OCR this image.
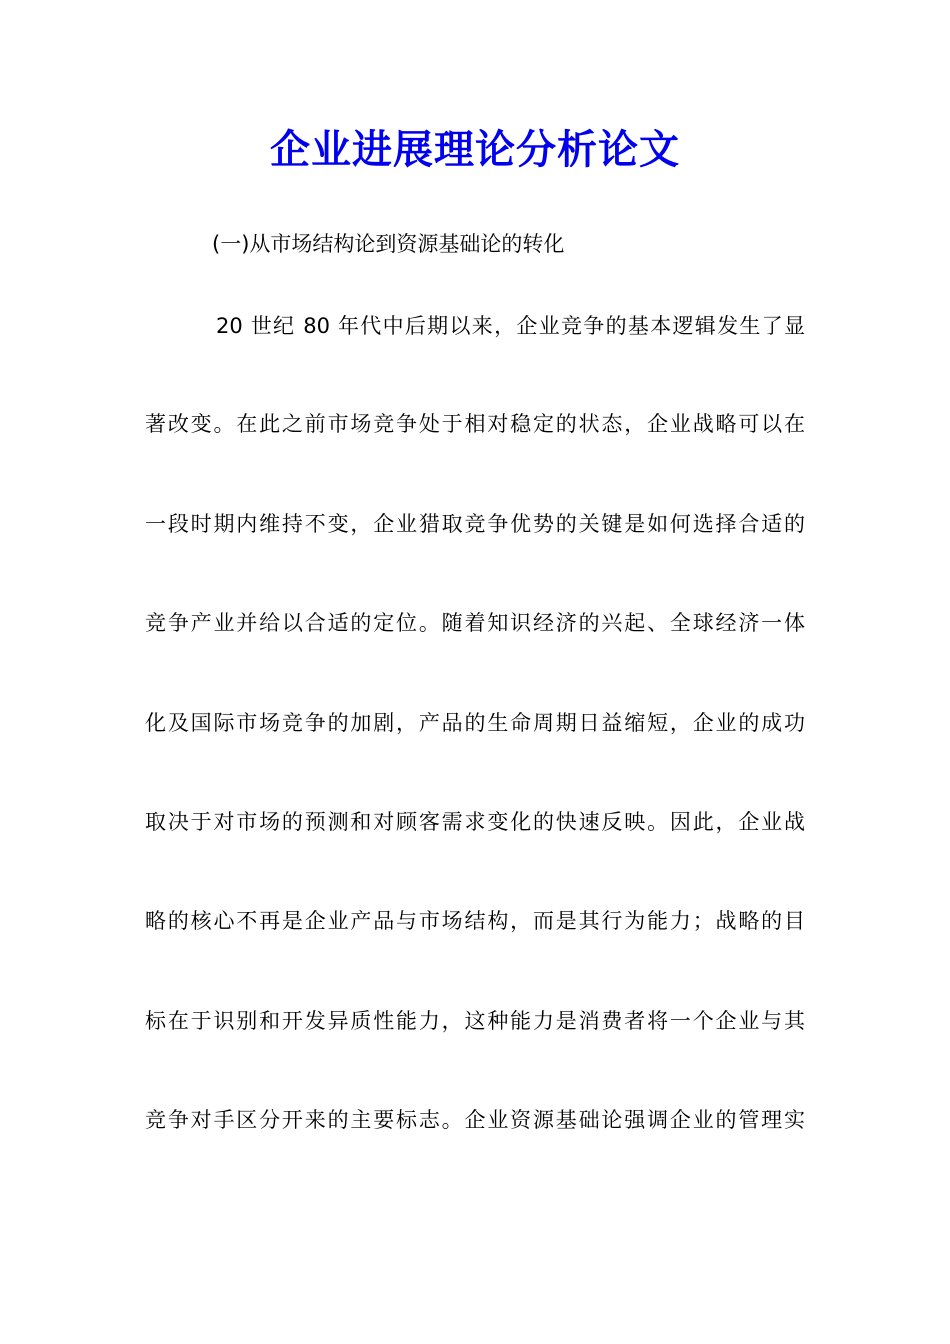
企业进展理论分析论文
(一)从市场结构论到资源基础论的转化
20 世纪 80 年代中后期以来，企业竞争的基本逻辑发生了显
著改变。在此之前市场竞争处于相对稳定的状态，企业战略可以在
一段时期内维持不变，企业猎取竞争优势的关键是如何选择合适的
竞争产业并给以合适的定位。随着知识经济的兴起、全球经济一体
化及国际市场竞争的加剧，产品的生命周期日益缩短，企业的成功
取决于对市场的预测和对顾客需求变化的快速反映。因此，企业战
略的核心不再是企业产品与市场结构，而是其行为能力；战略的目
标在于识别和开发异质性能力，这种能力是消费者将一个企业与其
竞争对手区分开来的主要标志。企业资源基础论强调企业的管理实
